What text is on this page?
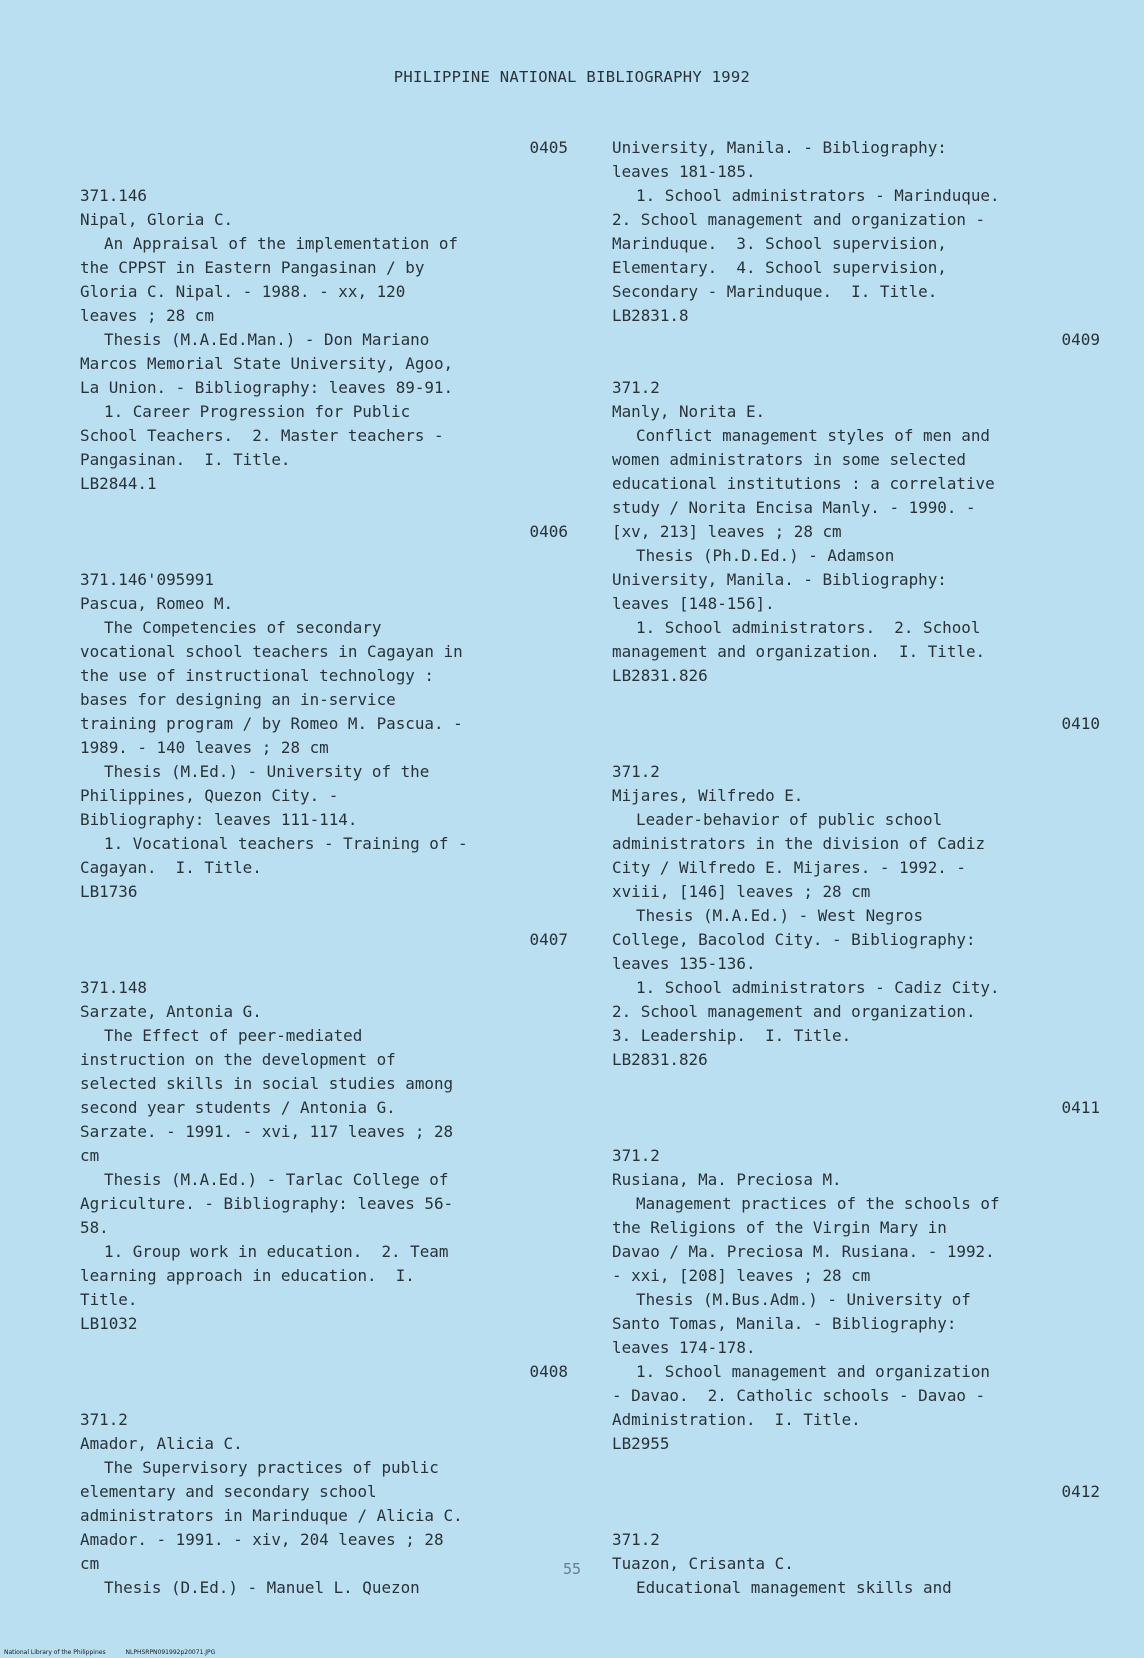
PHILIPPINE NATIONAL BIBLIOGRAPHY 1992
0405
371.146
Nipal, Gloria C.
An Appraisal of the implementation of
the CPPST in Eastern Pangasinan / by
Gloria C. Nipal. - 1988. - xx, 120
leaves ; 28 cm
Thesis (M.A.Ed.Man.) - Don Mariano
Marcos Memorial State University, Agoo,
La Union. - Bibliography: leaves 89-91.
1. Career Progression for Public
School Teachers.  2. Master teachers -
Pangasinan.  I. Title.
LB2844.1
0406
371.146'095991
Pascua, Romeo M.
The Competencies of secondary
vocational school teachers in Cagayan in
the use of instructional technology :
bases for designing an in-service
training program / by Romeo M. Pascua. -
1989. - 140 leaves ; 28 cm
Thesis (M.Ed.) - University of the
Philippines, Quezon City. -
Bibliography: leaves 111-114.
1. Vocational teachers - Training of -
Cagayan.  I. Title.
LB1736
0407
371.148
Sarzate, Antonia G.
The Effect of peer-mediated
instruction on the development of
selected skills in social studies among
second year students / Antonia G.
Sarzate. - 1991. - xvi, 117 leaves ; 28
cm
Thesis (M.A.Ed.) - Tarlac College of
Agriculture. - Bibliography: leaves 56-
58.
1. Group work in education.  2. Team
learning approach in education.  I.
Title.
LB1032
0408
371.2
Amador, Alicia C.
The Supervisory practices of public
elementary and secondary school
administrators in Marinduque / Alicia C.
Amador. - 1991. - xiv, 204 leaves ; 28
cm
Thesis (D.Ed.) - Manuel L. Quezon
University, Manila. - Bibliography:
leaves 181-185.
1. School administrators - Marinduque.
2. School management and organization -
Marinduque.  3. School supervision,
Elementary.  4. School supervision,
Secondary - Marinduque.  I. Title.
LB2831.8
0409
371.2
Manly, Norita E.
Conflict management styles of men and
women administrators in some selected
educational institutions : a correlative
study / Norita Encisa Manly. - 1990. -
[xv, 213] leaves ; 28 cm
Thesis (Ph.D.Ed.) - Adamson
University, Manila. - Bibliography:
leaves [148-156].
1. School administrators.  2. School
management and organization.  I. Title.
LB2831.826
0410
371.2
Mijares, Wilfredo E.
Leader-behavior of public school
administrators in the division of Cadiz
City / Wilfredo E. Mijares. - 1992. -
xviii, [146] leaves ; 28 cm
Thesis (M.A.Ed.) - West Negros
College, Bacolod City. - Bibliography:
leaves 135-136.
1. School administrators - Cadiz City.
2. School management and organization.
3. Leadership.  I. Title.
LB2831.826
0411
371.2
Rusiana, Ma. Preciosa M.
Management practices of the schools of
the Religions of the Virgin Mary in
Davao / Ma. Preciosa M. Rusiana. - 1992.
- xxi, [208] leaves ; 28 cm
Thesis (M.Bus.Adm.) - University of
Santo Tomas, Manila. - Bibliography:
leaves 174-178.
1. School management and organization
- Davao.  2. Catholic schools - Davao -
Administration.  I. Title.
LB2955
0412
371.2
Tuazon, Crisanta C.
Educational management skills and
55
National Library of the Philippines	NLPHSRPN091992p20071.JPG
